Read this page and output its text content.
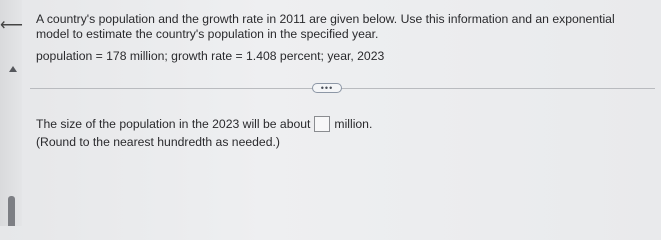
⟵ A country's population and the growth rate in 2011 are given below. Use this information and an exponential model to estimate the country's population in the specified year.
population = 178 million; growth rate = 1.408 percent; year, 2023
•••
The size of the population in the 2023 will be about million.
(Round to the nearest hundredth as needed.)
